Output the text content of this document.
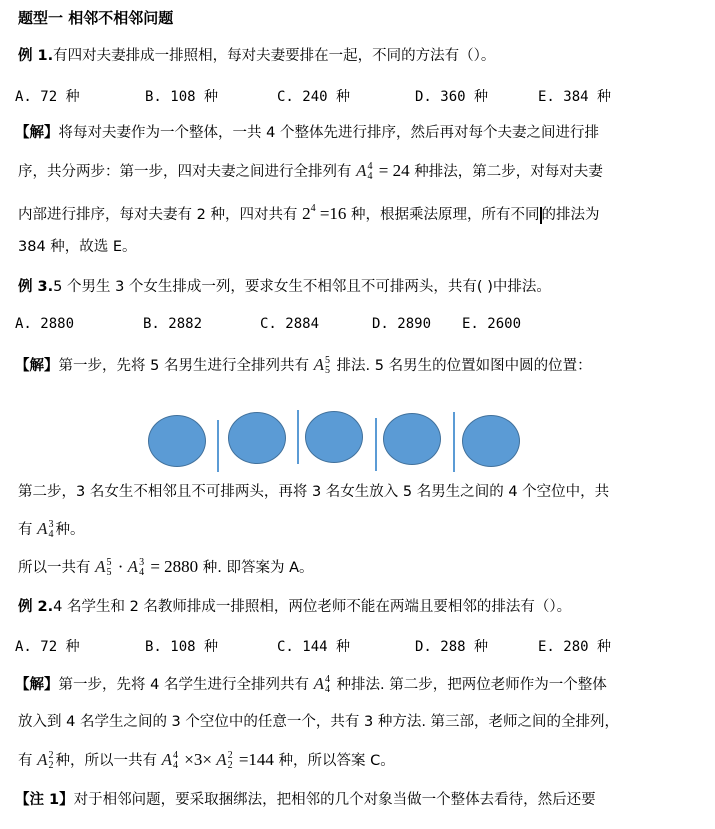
题型一 相邻不相邻问题
例 1.有四对夫妻排成一排照相，每对夫妻要排在一起，不同的方法有（）。
A. 72 种	B. 108 种	C. 240 种	D. 360 种	E. 384 种
【解】将每对夫妻作为一个整体，一共 4 个整体先进行排序，然后再对每个夫妻之间进行排
序，共分两步：第一步，四对夫妻之间进行全排列有 A 4
4 = 24 种排法，第二步，对每对夫妻
内部进行排序，每对夫妻有 2 种，四对共有 $2^4 =16$ 种，根据乘法原理，所有不同 的排法为
384 种，故选 E。
例 3.5 个男生 3 个女生排成一列，要求女生不相邻且不可排两头，共有( )中排法。
A. 2880	B. 2882	C. 2884	D. 2890 E. 2600
【解】第一步，先将 5 名男生进行全排列共有 A 5
5 排法. 5 名男生的位置如图中圆的位置：
第二步，3 名女生不相邻且不可排两头，再将 3 名女生放入 5 名男生之间的 4 个空位中，共
有 A 3
4 种。
所以一共有 A 5
5 · A 3
4 = 2880 种. 即答案为 A。
例 2.4 名学生和 2 名教师排成一排照相，两位老师不能在两端且要相邻的排法有（）。
A. 72 种	B. 108 种	C. 144 种	D. 288 种	E. 280 种
【解】第一步，先将 4 名学生进行全排列共有 A 4
4 种排法. 第二步，把两位老师作为一个整体
放入到 4 名学生之间的 3 个空位中的任意一个，共有 3 种方法. 第三部，老师之间的全排列，
有 A 2
2 种，所以一共有 A 4
4 ×3× A 2
2 =144 种，所以答案 C。
【注 1】对于相邻问题，要采取捆绑法，把相邻的几个对象当做一个整体去看待，然后还要
